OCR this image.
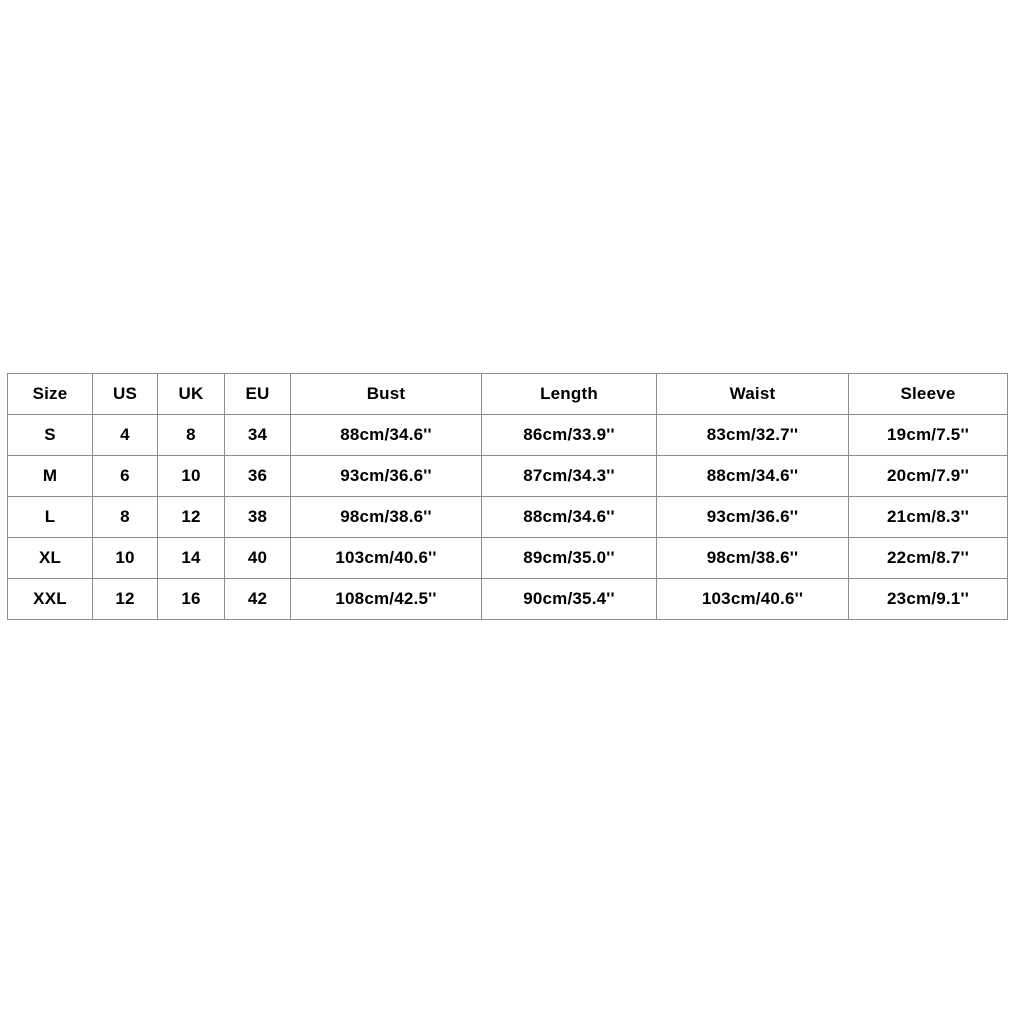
Size	US	UK	EU	Bust	Length	Waist	Sleeve
S	4	8	34	88cm/34.6''	86cm/33.9''	83cm/32.7''	19cm/7.5''
M	6	10	36	93cm/36.6''	87cm/34.3''	88cm/34.6''	20cm/7.9''
L	8	12	38	98cm/38.6''	88cm/34.6''	93cm/36.6''	21cm/8.3''
XL	10	14	40	103cm/40.6''	89cm/35.0''	98cm/38.6''	22cm/8.7''
XXL	12	16	42	108cm/42.5''	90cm/35.4''	103cm/40.6''	23cm/9.1''
